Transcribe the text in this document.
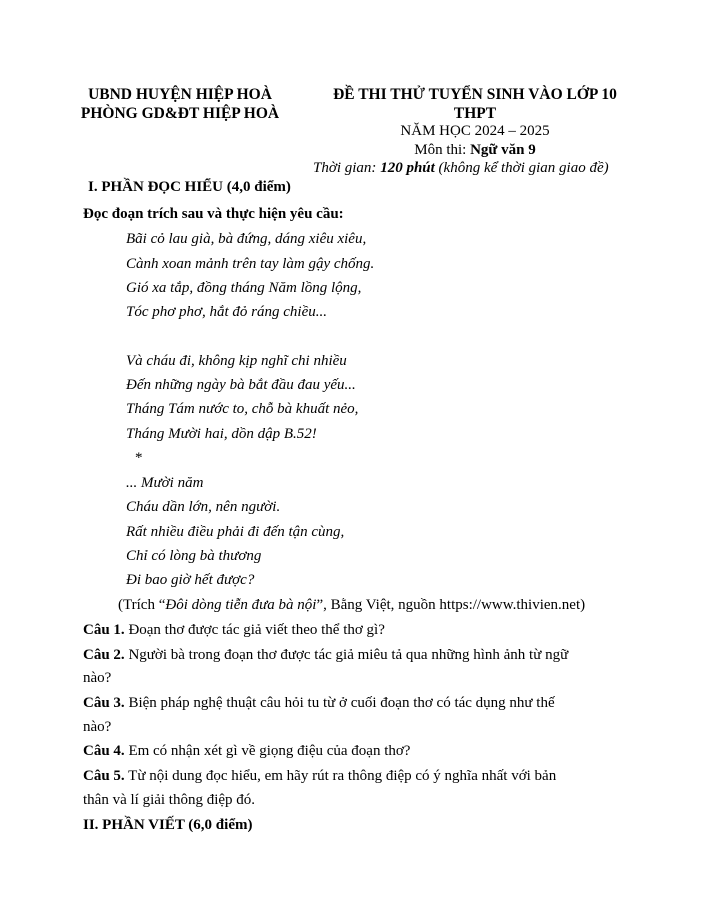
UBND HUYỆN HIỆP HOÀ
PHÒNG GD&ĐT HIỆP HOÀ
ĐỀ THI THỬ TUYỂN SINH VÀO LỚP 10
THPT
NĂM HỌC 2024 – 2025
Môn thi: Ngữ văn 9
Thời gian: 120 phút (không kể thời gian giao đề)
I. PHẦN ĐỌC HIỂU (4,0 điểm)
Đọc đoạn trích sau và thực hiện yêu cầu:
Bãi cỏ lau già, bà đứng, dáng xiêu xiêu,
Cành xoan mảnh trên tay làm gậy chống.
Gió xa tắp, đồng tháng Năm lồng lộng,
Tóc phơ phơ, hắt đỏ ráng chiều...
Và cháu đi, không kịp nghĩ chi nhiều
Đến những ngày bà bắt đầu đau yếu...
Tháng Tám nước to, chỗ bà khuất nẻo,
Tháng Mười hai, dồn dập B.52!
*
... Mười năm
Cháu dần lớn, nên người.
Rất nhiều điều phải đi đến tận cùng,
Chỉ có lòng bà thương
Đi bao giờ hết được?
(Trích “Đôi dòng tiễn đưa bà nội”, Bằng Việt, nguồn https://www.thivien.net)
Câu 1. Đoạn thơ được tác giả viết theo thể thơ gì?
Câu 2. Người bà trong đoạn thơ được tác giả miêu tả qua những hình ảnh từ ngữ
nào?
Câu 3. Biện pháp nghệ thuật câu hỏi tu từ ở cuối đoạn thơ có tác dụng như thế
nào?
Câu 4. Em có nhận xét gì về giọng điệu của đoạn thơ?
Câu 5. Từ nội dung đọc hiểu, em hãy rút ra thông điệp có ý nghĩa nhất với bản
thân và lí giải thông điệp đó.
II. PHẦN VIẾT (6,0 điểm)
